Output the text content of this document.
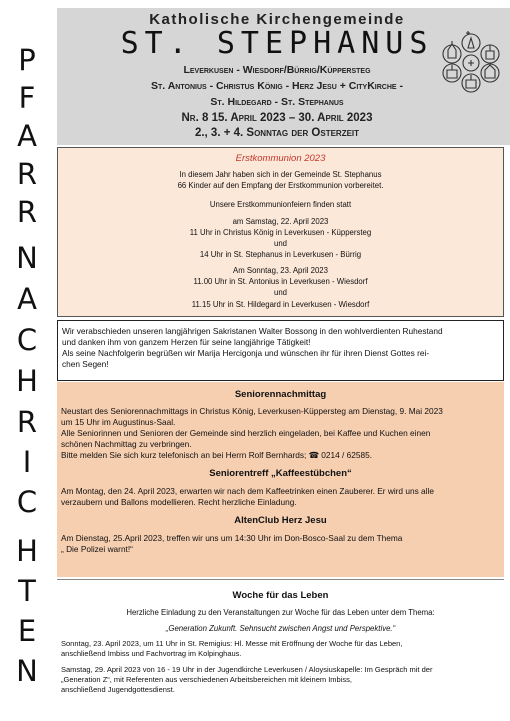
P
F
A
R
R
N
A
C
H
R
I
C
H
T
E
N
Katholische Kirchengemeinde
ST. STEPHANUS
Leverkusen - Wiesdorf/Bürrig/Küppersteg
St. Antonius - Christus König - Herz Jesu + CityKirche -
St. Hildegard - St. Stephanus
Nr. 8 15. April 2023 – 30. April 2023
2., 3. + 4. Sonntag der Osterzeit
Erstkommunion 2023
In diesem Jahr haben sich in der Gemeinde St. Stephanus
66 Kinder auf den Empfang der Erstkommunion vorbereitet.
Unsere Erstkommunionfeiern finden statt
am Samstag, 22. April 2023
11 Uhr in Christus König in Leverkusen - Küppersteg
und
14 Uhr in St. Stephanus in Leverkusen - Bürrig
Am Sonntag, 23. April 2023
11.00 Uhr in St. Antonius in Leverkusen - Wiesdorf
und
11.15 Uhr in St. Hildegard in Leverkusen - Wiesdorf
Wir verabschieden unseren langjährigen Sakristanen Walter Bossong in den wohlverdienten Ruhestand
und danken ihm von ganzem Herzen für seine langjährige Tätigkeit!
Als seine Nachfolgerin begrüßen wir Marija Hercigonja und wünschen ihr für ihren Dienst Gottes rei-
chen Segen!
Seniorennachmittag
Neustart des Seniorennachmittags in Christus König, Leverkusen-Küppersteg am Dienstag, 9. Mai 2023
um 15 Uhr im Augustinus-Saal.
Alle Seniorinnen und Senioren der Gemeinde sind herzlich eingeladen, bei Kaffee und Kuchen einen
schönen Nachmittag zu verbringen.
Bitte melden Sie sich kurz telefonisch an bei Herrn Rolf Bernhards; ☎ 0214 / 62585.
Seniorentreff „Kaffeestübchen“
Am Montag, den 24. April 2023, erwarten wir nach dem Kaffeetrinken einen Zauberer. Er wird uns alle
verzaubern und Ballons modellieren. Recht herzliche Einladung.
AltenClub Herz Jesu
Am Dienstag, 25.April 2023, treffen wir uns um 14:30 Uhr im Don-Bosco-Saal zu dem Thema
„ Die Polizei warnt!“
Woche für das Leben
Herzliche Einladung zu den Veranstaltungen zur Woche für das Leben unter dem Thema:
„Generation Zukunft. Sehnsucht zwischen Angst und Perspektive.“
Sonntag, 23. April 2023, um 11 Uhr in St. Remigius: Hl. Messe mit Eröffnung der Woche für das Leben,
anschließend Imbiss und Fachvortrag im Kolpinghaus.
Samstag, 29. April 2023 von 16 - 19 Uhr in der Jugendkirche Leverkusen / Aloysiuskapelle: Im Gespräch mit der
„Generation Z“, mit Referenten aus verschiedenen Arbeitsbereichen mit kleinem Imbiss,
anschließend Jugendgottesdienst.
